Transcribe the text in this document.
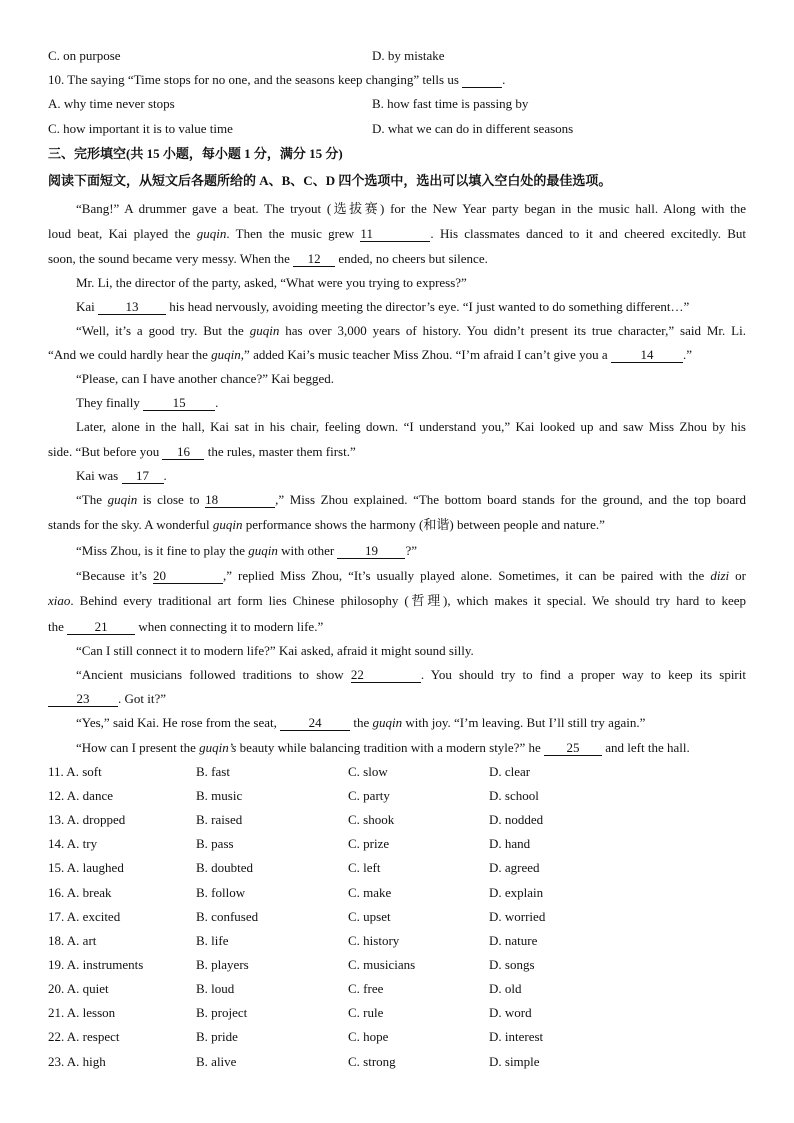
C. on purpose	D. by mistake
10. The saying “Time stops for no one, and the seasons keep changing” tells us	.
A. why time never stops	B. how fast time is passing by
C. how important it is to value time	D. what we can do in different seasons
三、完形填空(共 15 小题，每小题 1 分，满分 15 分)
阅读下面短文，从短文后各题所给的 A、B、C、D 四个选项中，选出可以填入空白处的最佳选项。
“Bang!” A drummer gave a beat. The tryout (选拔赛) for the New Year party began in the music hall. Along with the
loud beat, Kai played the guqin. Then the music grew 11	. His classmates danced to it and cheered excitedly. But
soon, the sound became very messy. When the 12 ended, no cheers but silence.
Mr. Li, the director of the party, asked, “What were you trying to express?”
Kai 13 his head nervously, avoiding meeting the director’s eye. “I just wanted to do something different…”
“Well, it’s a good try. But the guqin has over 3,000 years of history. You didn’t present its true character,” said Mr. Li.
“And we could hardly hear the guqin,” added Kai’s music teacher Miss Zhou. “I’m afraid I can’t give you a 14 .”
“Please, can I have another chance?” Kai begged.
They finally 15 .
Later, alone in the hall, Kai sat in his chair, feeling down. “I understand you,” Kai looked up and saw Miss Zhou by his
side. “But before you 16 the rules, master them first.”
Kai was 17 .
“The guqin is close to 18	,” Miss Zhou explained. “The bottom board stands for the ground, and the top board
stands for the sky. A wonderful guqin performance shows the harmony (和谐) between people and nature.”
“Miss Zhou, is it fine to play the guqin with other 19 ?”
“Because it’s 20	,” replied Miss Zhou, “It’s usually played alone. Sometimes, it can be paired with the dizi or
xiao. Behind every traditional art form lies Chinese philosophy (哲理), which makes it special. We should try hard to keep
the 21 when connecting it to modern life.”
“Can I still connect it to modern life?” Kai asked, afraid it might sound silly.
“Ancient musicians followed traditions to show 22	. You should try to find a proper way to keep its spirit
23 . Got it?”
“Yes,” said Kai. He rose from the seat, 24 the guqin with joy. “I’m leaving. But I’ll still try again.”
“How can I present the guqin’s beauty while balancing tradition with a modern style?” he 25 and left the hall.
11. A. soft	B. fast	C. slow	D. clear
12. A. dance	B. music	C. party	D. school
13. A. dropped	B. raised	C. shook	D. nodded
14. A. try	B. pass	C. prize	D. hand
15. A. laughed	B. doubted	C. left	D. agreed
16. A. break	B. follow	C. make	D. explain
17. A. excited	B. confused	C. upset	D. worried
18. A. art	B. life	C. history	D. nature
19. A. instruments	B. players	C. musicians	D. songs
20. A. quiet	B. loud	C. free	D. old
21. A. lesson	B. project	C. rule	D. word
22. A. respect	B. pride	C. hope	D. interest
23. A. high	B. alive	C. strong	D. simple
